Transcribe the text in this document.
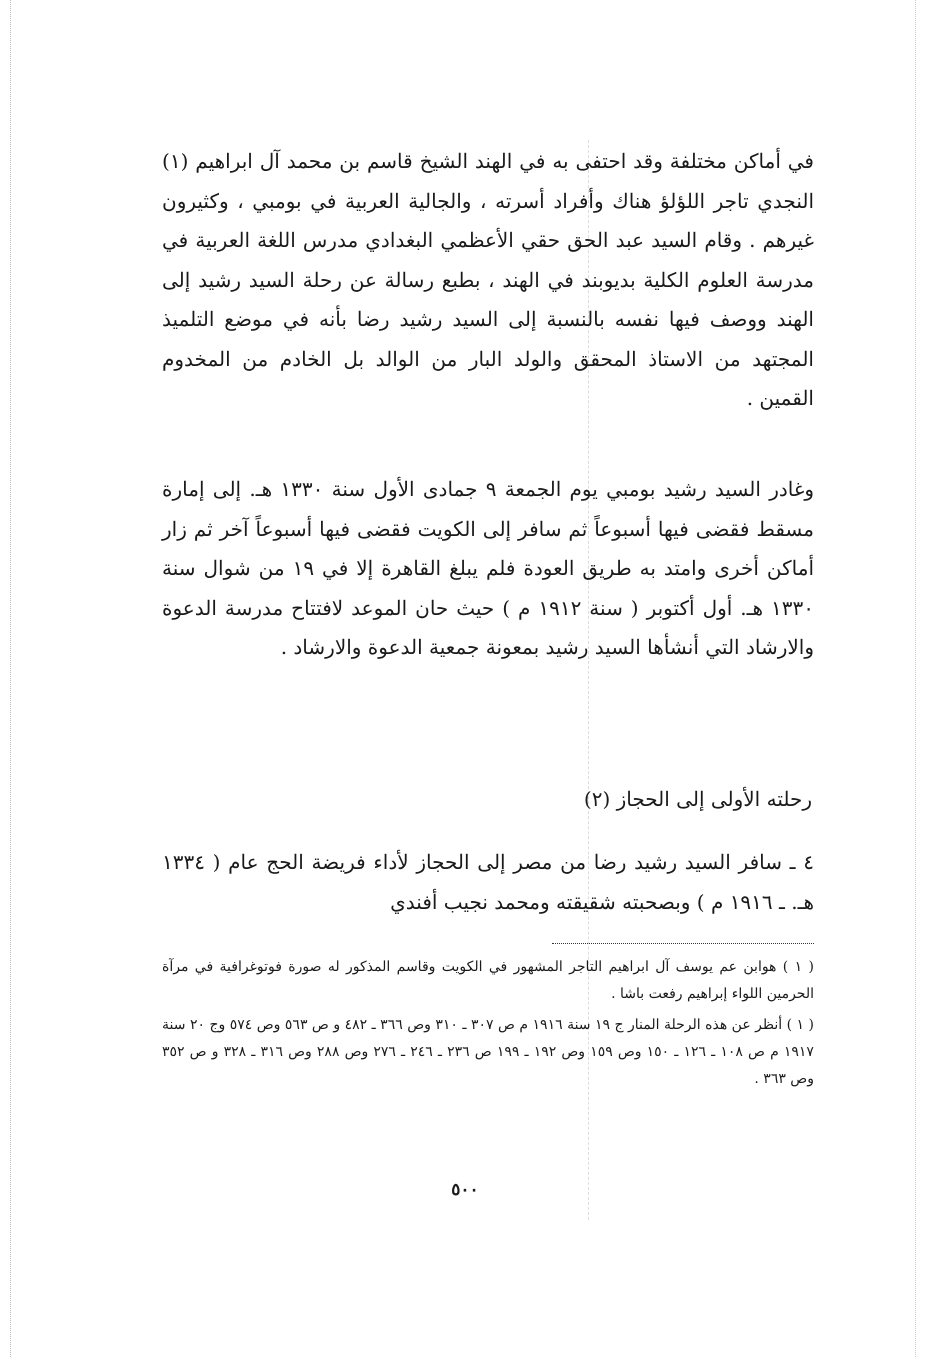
في أماكن مختلفة وقد احتفى به في الهند الشيخ قاسم بن محمد آل ابراهيم (١) النجدي تاجر اللؤلؤ هناك وأفراد أسرته ، والجالية العربية في بومبي ، وكثيرون غيرهم . وقام السيد عبد الحق حقي الأعظمي البغدادي مدرس اللغة العربية في مدرسة العلوم الكلية بديوبند في الهند ، بطبع رسالة عن رحلة السيد رشيد إلى الهند ووصف فيها نفسه بالنسبة إلى السيد رشيد رضا بأنه في موضع التلميذ المجتهد من الاستاذ المحقق والولد البار من الوالد بل الخادم من المخدوم القمين .

وغادر السيد رشيد بومبي يوم الجمعة ٩ جمادى الأول سنة ١٣٣٠ هـ. إلى إمارة مسقط فقضى فيها أسبوعاً ثم سافر إلى الكويت فقضى فيها أسبوعاً آخر ثم زار أماكن أخرى وامتد به طريق العودة فلم يبلغ القاهرة إلا في ١٩ من شوال سنة ١٣٣٠ هـ. أول أكتوبر ( سنة ١٩١٢ م ) حيث حان الموعد لافتتاح مدرسة الدعوة والارشاد التي أنشأها السيد رشيد بمعونة جمعية الدعوة والارشاد .

رحلته الأولى إلى الحجاز (٢)

٤ ـ سافر السيد رشيد رضا من مصر إلى الحجاز لأداء فريضة الحج عام ( ١٣٣٤ هـ. ـ ١٩١٦ م ) وبصحبته شقيقته ومحمد نجيب أفندي

( ١ ) هوابن عم يوسف آل ابراهيم التاجر المشهور في الكويت وقاسم المذكور له صورة فوتوغرافية في مرآة الحرمين اللواء إبراهيم رفعت باشا .

( ١ ) أنظر عن هذه الرحلة المنار ج ١٩ سنة ١٩١٦ م ص ٣٠٧ ـ ٣١٠ وص ٣٦٦ ـ ٤٨٢ و ص ٥٦٣ وص ٥٧٤ وج ٢٠ سنة ١٩١٧ م ص ١٠٨ ـ ١٢٦ ـ ١٥٠ وص ١٥٩ وص ١٩٢ ـ ١٩٩ ص ٢٣٦ ـ ٢٤٦ ـ ٢٧٦ وص ٢٨٨ وص ٣١٦ ـ ٣٢٨ و ص ٣٥٢ وص ٣٦٣ .

٥٠٠
